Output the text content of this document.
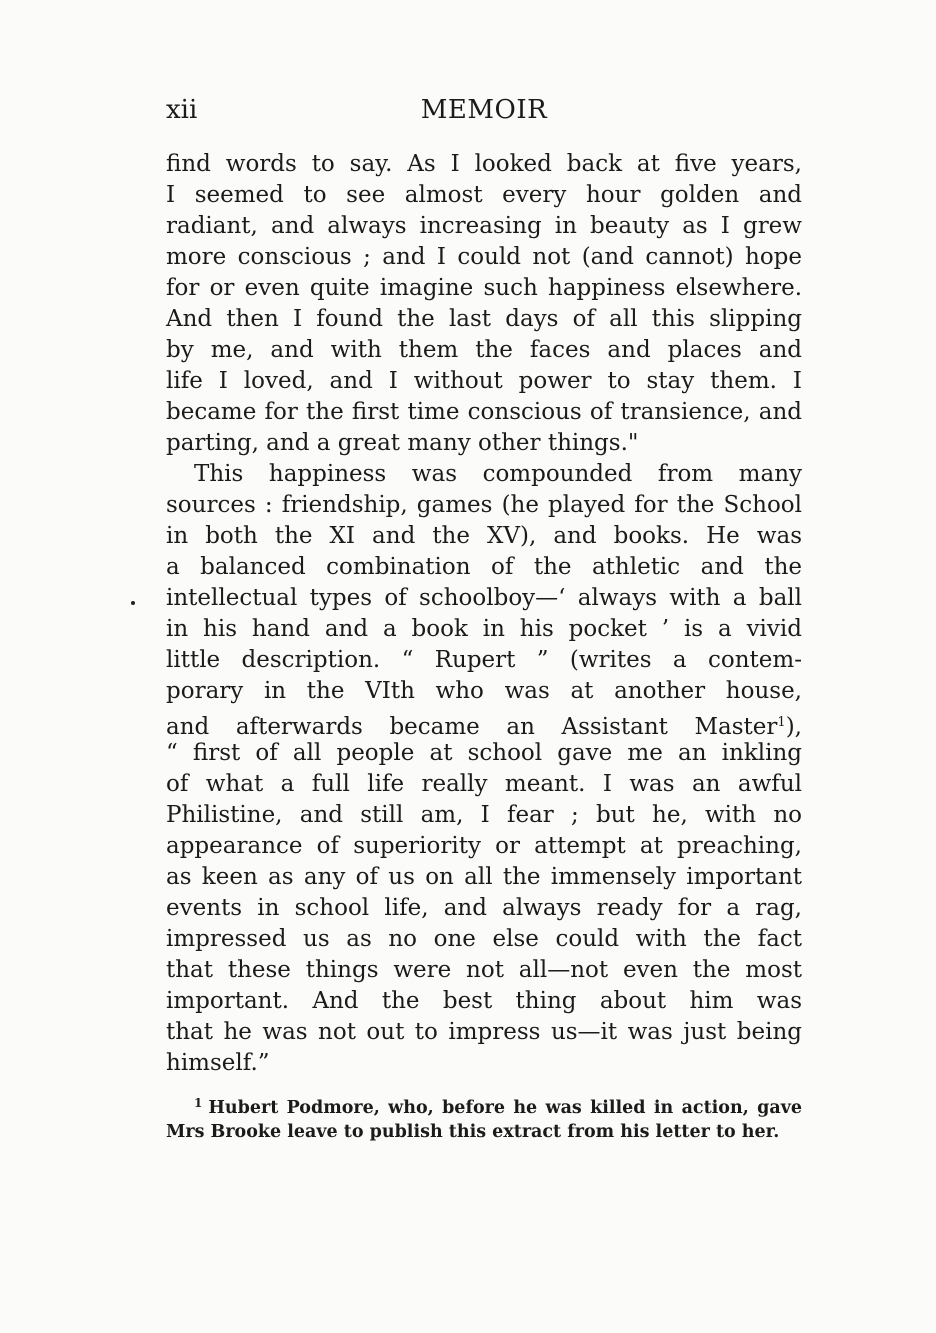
xii	MEMOIR
find words to say. As I looked back at five years,
I seemed to see almost every hour golden and
radiant, and always increasing in beauty as I grew
more conscious ; and I could not (and cannot) hope
for or even quite imagine such happiness elsewhere.
And then I found the last days of all this slipping
by me, and with them the faces and places and
life I loved, and I without power to stay them. I
became for the first time conscious of transience, and
parting, and a great many other things."
This happiness was compounded from many
sources : friendship, games (he played for the School
in both the XI and the XV), and books. He was
a balanced combination of the athletic and the
intellectual types of schoolboy—‘ always with a ball
in his hand and a book in his pocket ’ is a vivid
little description. “ Rupert ” (writes a contem-
porary in the VIth who was at another house,
and afterwards became an Assistant Master$^1$),
“ first of all people at school gave me an inkling
of what a full life really meant. I was an awful
Philistine, and still am, I fear ; but he, with no
appearance of superiority or attempt at preaching,
as keen as any of us on all the immensely important
events in school life, and always ready for a rag,
impressed us as no one else could with the fact
that these things were not all—not even the most
important. And the best thing about him was
that he was not out to impress us—it was just being
himself.”
$^1$ Hubert Podmore, who, before he was killed in action, gave
Mrs Brooke leave to publish this extract from his letter to her.
